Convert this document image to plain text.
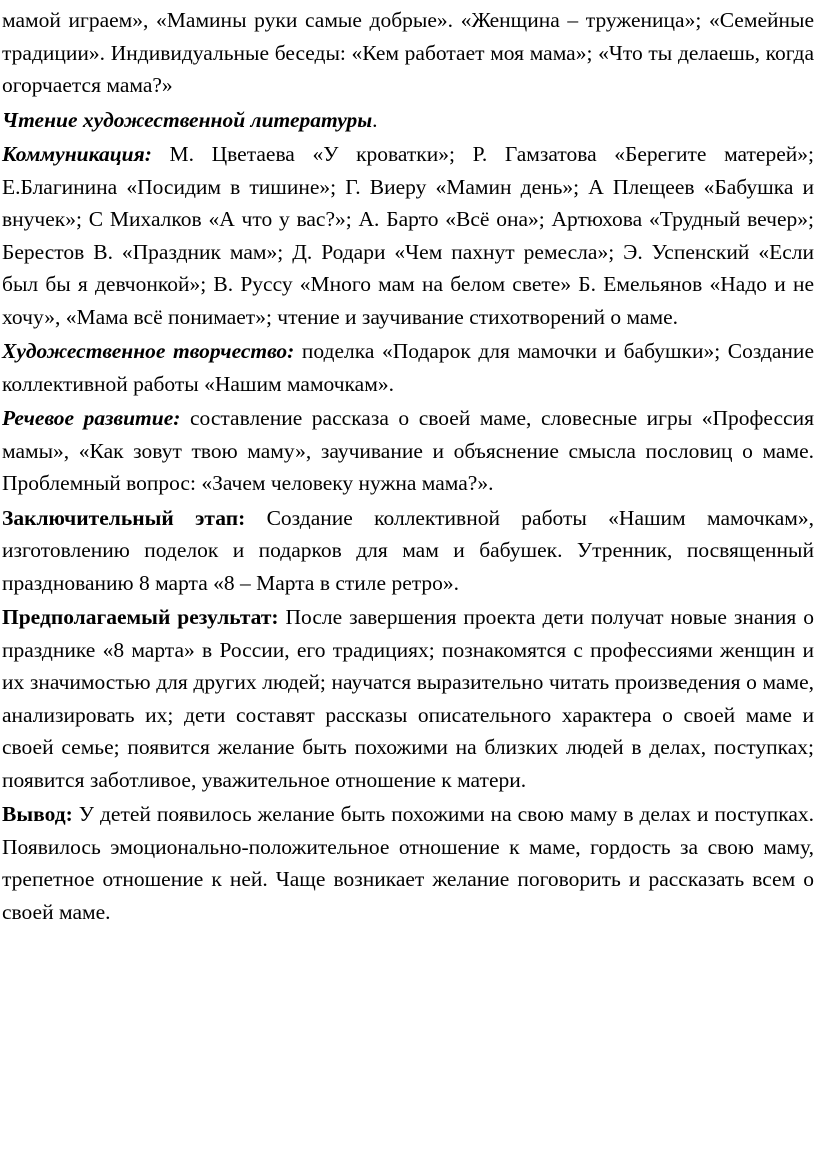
мамой играем», «Мамины руки самые добрые». «Женщина – труженица»; «Семейные традиции». Индивидуальные беседы: «Кем работает моя мама»; «Что ты делаешь, когда огорчается мама?»

Чтение художественной литературы.

Коммуникация: М. Цветаева «У кроватки»; Р. Гамзатова «Берегите матерей»; Е.Благинина «Посидим в тишине»; Г. Виеру «Мамин день»; А Плещеев «Бабушка и внучек»; С Михалков «А что у вас?»; А. Барто «Всё она»; Артюхова «Трудный вечер»; Берестов В. «Праздник мам»; Д. Родари «Чем пахнут ремесла»; Э. Успенский «Если был бы я девчонкой»; В. Руссу «Много мам на белом свете» Б. Емельянов «Надо и не хочу», «Мама всё понимает»; чтение и заучивание стихотворений о маме.

Художественное творчество: поделка «Подарок для мамочки и бабушки»; Создание коллективной работы «Нашим мамочкам».

Речевое развитие: составление рассказа о своей маме, словесные игры «Профессия мамы», «Как зовут твою маму», заучивание и объяснение смысла пословиц о маме. Проблемный вопрос: «Зачем человеку нужна мама?».

Заключительный этап: Создание коллективной работы «Нашим мамочкам», изготовлению поделок и подарков для мам и бабушек. Утренник, посвященный празднованию 8 марта «8 – Марта в стиле ретро».

Предполагаемый результат: После завершения проекта дети получат новые знания о празднике «8 марта» в России, его традициях; познакомятся с профессиями женщин и их значимостью для других людей; научатся выразительно читать произведения о маме, анализировать их; дети составят рассказы описательного характера о своей маме и своей семье; появится желание быть похожими на близких людей в делах, поступках; появится заботливое, уважительное отношение к матери.

Вывод: У детей появилось желание быть похожими на свою маму в делах и поступках. Появилось эмоционально-положительное отношение к маме, гордость за свою маму, трепетное отношение к ней. Чаще возникает желание поговорить и рассказать всем о своей маме.
